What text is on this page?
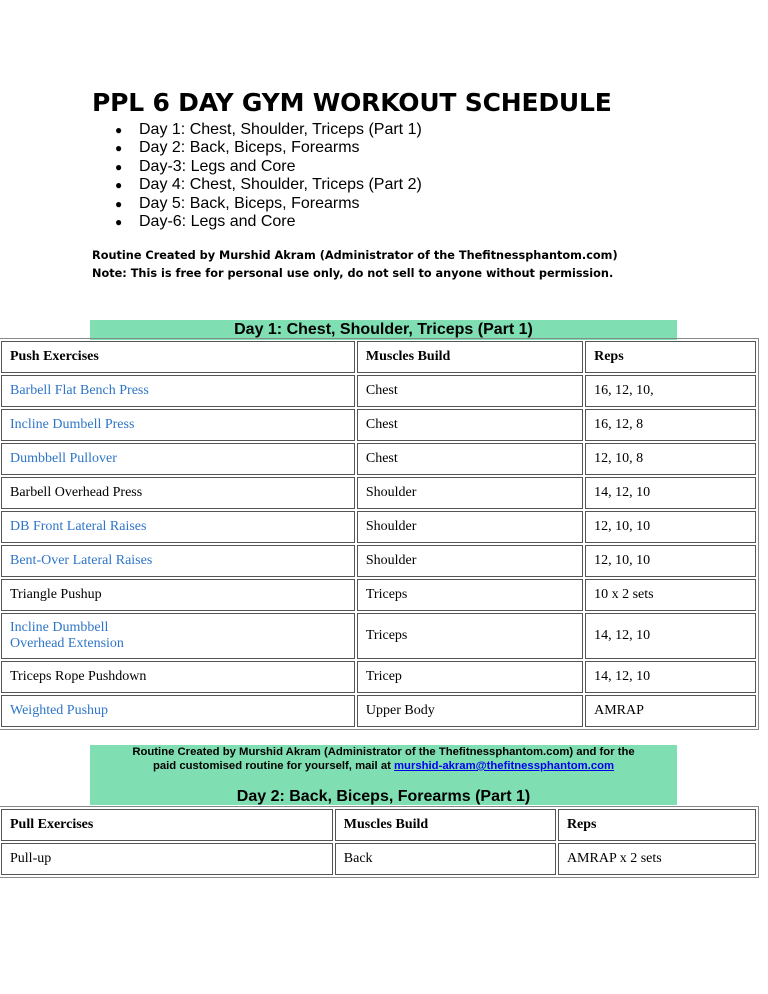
PPL 6 DAY GYM WORKOUT SCHEDULE
● Day 1: Chest, Shoulder, Triceps (Part 1)
● Day 2: Back, Biceps, Forearms
● Day-3: Legs and Core
● Day 4: Chest, Shoulder, Triceps (Part 2)
● Day 5: Back, Biceps, Forearms
● Day-6: Legs and Core
Routine Created by Murshid Akram (Administrator of the Thefitnessphantom.com)
Note: This is free for personal use only, do not sell to anyone without permission.
Day 1: Chest, Shoulder, Triceps (Part 1)
Push Exercises	Muscles Build	Reps
Barbell Flat Bench Press	Chest	16, 12, 10,
Incline Dumbell Press	Chest	16, 12, 8
Dumbbell Pullover	Chest	12, 10, 8
Barbell Overhead Press	Shoulder	14, 12, 10
DB Front Lateral Raises	Shoulder	12, 10, 10
Bent-Over Lateral Raises	Shoulder	12, 10, 10
Triangle Pushup	Triceps	10 x 2 sets
Incline Dumbbell
Overhead Extension	Triceps	14, 12, 10
Triceps Rope Pushdown	Tricep	14, 12, 10
Weighted Pushup	Upper Body	AMRAP
Routine Created by Murshid Akram (Administrator of the Thefitnessphantom.com) and for the
paid customised routine for yourself, mail at murshid-akram@thefitnessphantom.com
Day 2: Back, Biceps, Forearms (Part 1)
Pull Exercises	Muscles Build	Reps
Pull-up	Back	AMRAP x 2 sets
